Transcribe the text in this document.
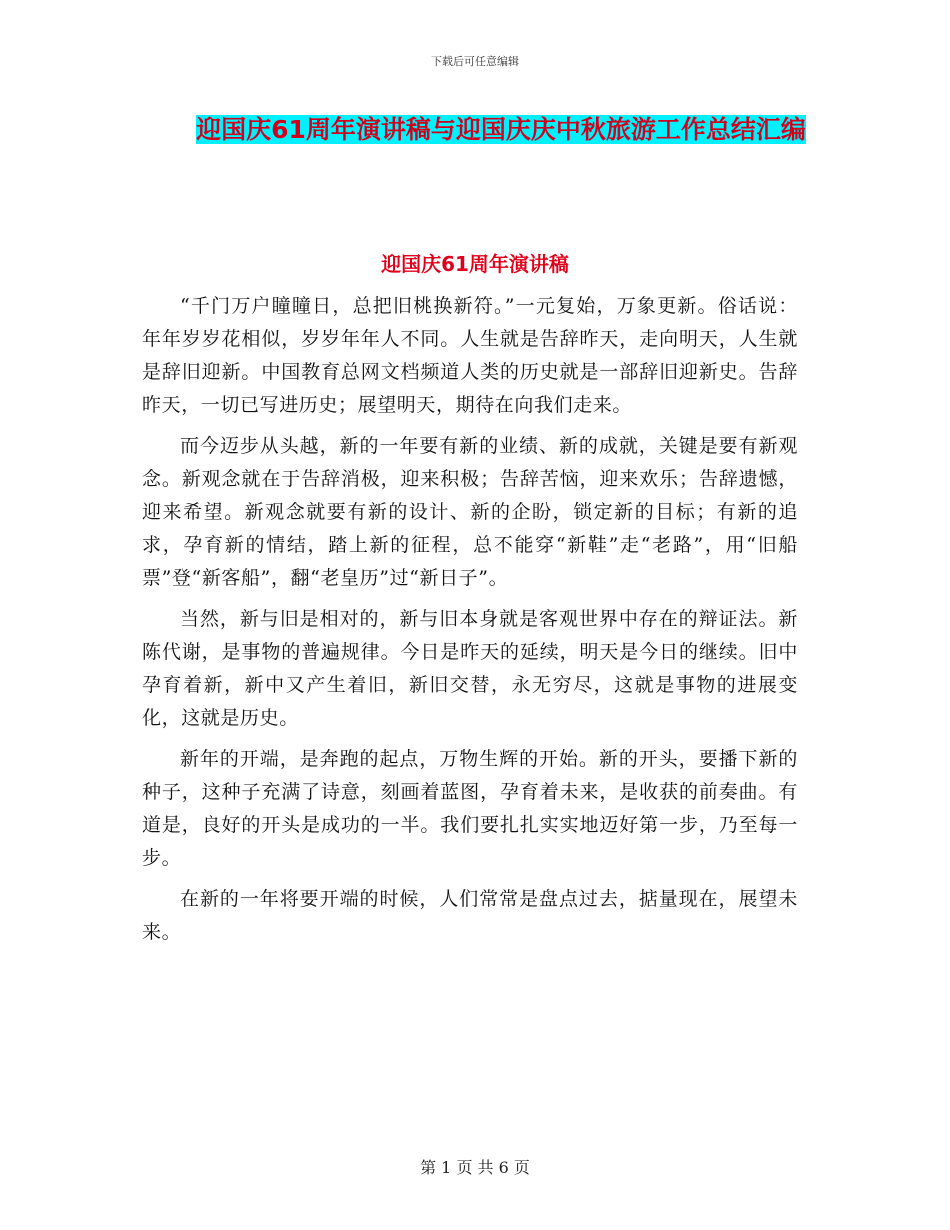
下载后可任意编辑
迎国庆61周年演讲稿与迎国庆庆中秋旅游工作总结汇编
迎国庆61周年演讲稿

“千门万户瞳瞳日，总把旧桃换新符。”一元复始，万象更新。俗话说：年年岁岁花相似，岁岁年年人不同。人生就是告辞昨天，走向明天，人生就是辞旧迎新。中国教育总网文档频道人类的历史就是一部辞旧迎新史。告辞昨天，一切已写进历史；展望明天，期待在向我们走来。

而今迈步从头越，新的一年要有新的业绩、新的成就，关键是要有新观念。新观念就在于告辞消极，迎来积极；告辞苦恼，迎来欢乐；告辞遗憾，迎来希望。新观念就要有新的设计、新的企盼，锁定新的目标；有新的追求，孕育新的情结，踏上新的征程，总不能穿“新鞋”走“老路”，用“旧船票”登“新客船”，翻“老皇历”过“新日子”。

当然，新与旧是相对的，新与旧本身就是客观世界中存在的辩证法。新陈代谢，是事物的普遍规律。今日是昨天的延续，明天是今日的继续。旧中孕育着新，新中又产生着旧，新旧交替，永无穷尽，这就是事物的进展变化，这就是历史。

新年的开端，是奔跑的起点，万物生辉的开始。新的开头，要播下新的种子，这种子充满了诗意，刻画着蓝图，孕育着未来，是收获的前奏曲。有道是，良好的开头是成功的一半。我们要扎扎实实地迈好第一步，乃至每一步。

在新的一年将要开端的时候，人们常常是盘点过去，掂量现在，展望未来。

第 1 页 共 6 页
